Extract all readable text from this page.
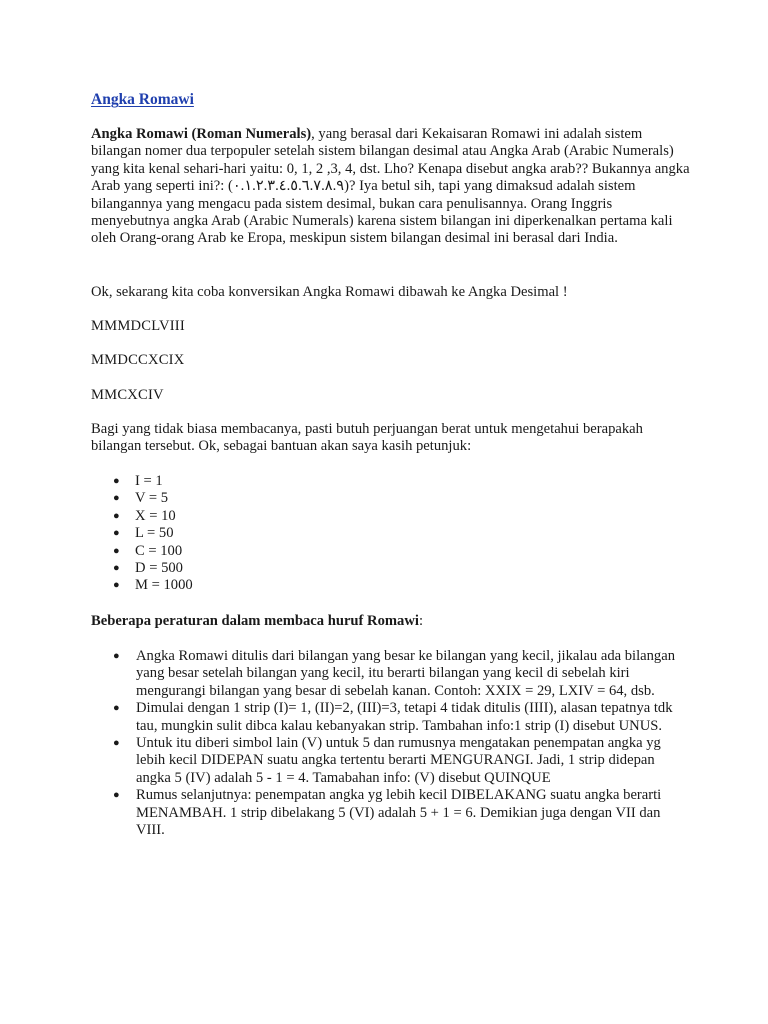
Angka Romawi

Angka Romawi (Roman Numerals), yang berasal dari Kekaisaran Romawi ini adalah sistem bilangan nomer dua terpopuler setelah sistem bilangan desimal atau Angka Arab (Arabic Numerals) yang kita kenal sehari-hari yaitu: 0, 1, 2 ,3, 4, dst. Lho? Kenapa disebut angka arab?? Bukannya angka Arab yang seperti ini?: (٠.١.٢.٣.٤.٥.٦.٧.٨.٩)? Iya betul sih, tapi yang dimaksud adalah sistem bilangannya yang mengacu pada sistem desimal, bukan cara penulisannya. Orang Inggris menyebutnya angka Arab (Arabic Numerals) karena sistem bilangan ini diperkenalkan pertama kali oleh Orang-orang Arab ke Eropa, meskipun sistem bilangan desimal ini berasal dari India.

Ok, sekarang kita coba konversikan Angka Romawi dibawah ke Angka Desimal !

MMMDCLVIII

MMDCCXCIX

MMCXCIV

Bagi yang tidak biasa membacanya, pasti butuh perjuangan berat untuk mengetahui berapakah bilangan tersebut. Ok, sebagai bantuan akan saya kasih petunjuk:

● I = 1
● V = 5
● X = 10
● L = 50
● C = 100
● D = 500
● M = 1000

Beberapa peraturan dalam membaca huruf Romawi:

● Angka Romawi ditulis dari bilangan yang besar ke bilangan yang kecil, jikalau ada bilangan yang besar setelah bilangan yang kecil, itu berarti bilangan yang kecil di sebelah kiri mengurangi bilangan yang besar di sebelah kanan. Contoh: XXIX = 29, LXIV = 64, dsb.
● Dimulai dengan 1 strip (I)= 1, (II)=2, (III)=3, tetapi 4 tidak ditulis (IIII), alasan tepatnya tdk tau, mungkin sulit dibca kalau kebanyakan strip. Tambahan info:1 strip (I) disebut UNUS.
● Untuk itu diberi simbol lain (V) untuk 5 dan rumusnya mengatakan penempatan angka yg lebih kecil DIDEPAN suatu angka tertentu berarti MENGURANGI. Jadi, 1 strip didepan angka 5 (IV) adalah 5 - 1 = 4. Tamabahan info: (V) disebut QUINQUE
● Rumus selanjutnya: penempatan angka yg lebih kecil DIBELAKANG suatu angka berarti MENAMBAH. 1 strip dibelakang 5 (VI) adalah 5 + 1 = 6. Demikian juga dengan VII dan VIII.
